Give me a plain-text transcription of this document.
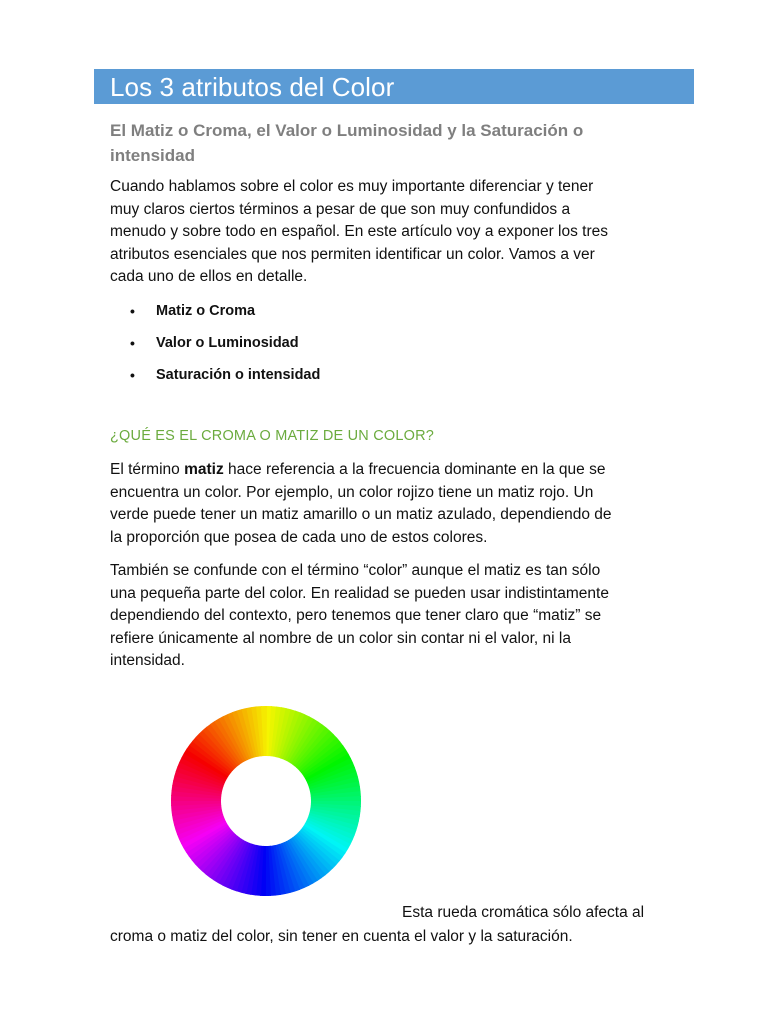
Los 3 atributos del Color
El Matiz o Croma, el Valor o Luminosidad y la Saturación o intensidad
Cuando hablamos sobre el color es muy importante diferenciar y tener
muy claros ciertos términos a pesar de que son muy confundidos a
menudo y sobre todo en español. En este artículo voy a exponer los tres
atributos esenciales que nos permiten identificar un color. Vamos a ver
cada uno de ellos en detalle.
• Matiz o Croma
• Valor o Luminosidad
• Saturación o intensidad
¿QUÉ ES EL CROMA O MATIZ DE UN COLOR?
El término matiz hace referencia a la frecuencia dominante en la que se
encuentra un color. Por ejemplo, un color rojizo tiene un matiz rojo. Un
verde puede tener un matiz amarillo o un matiz azulado, dependiendo de
la proporción que posea de cada uno de estos colores.
También se confunde con el término “color” aunque el matiz es tan sólo
una pequeña parte del color. En realidad se pueden usar indistintamente
dependiendo del contexto, pero tenemos que tener claro que “matiz” se
refiere únicamente al nombre de un color sin contar ni el valor, ni la
intensidad.

Esta rueda cromática sólo afecta al

croma o matiz del color, sin tener en cuenta el valor y la saturación.
